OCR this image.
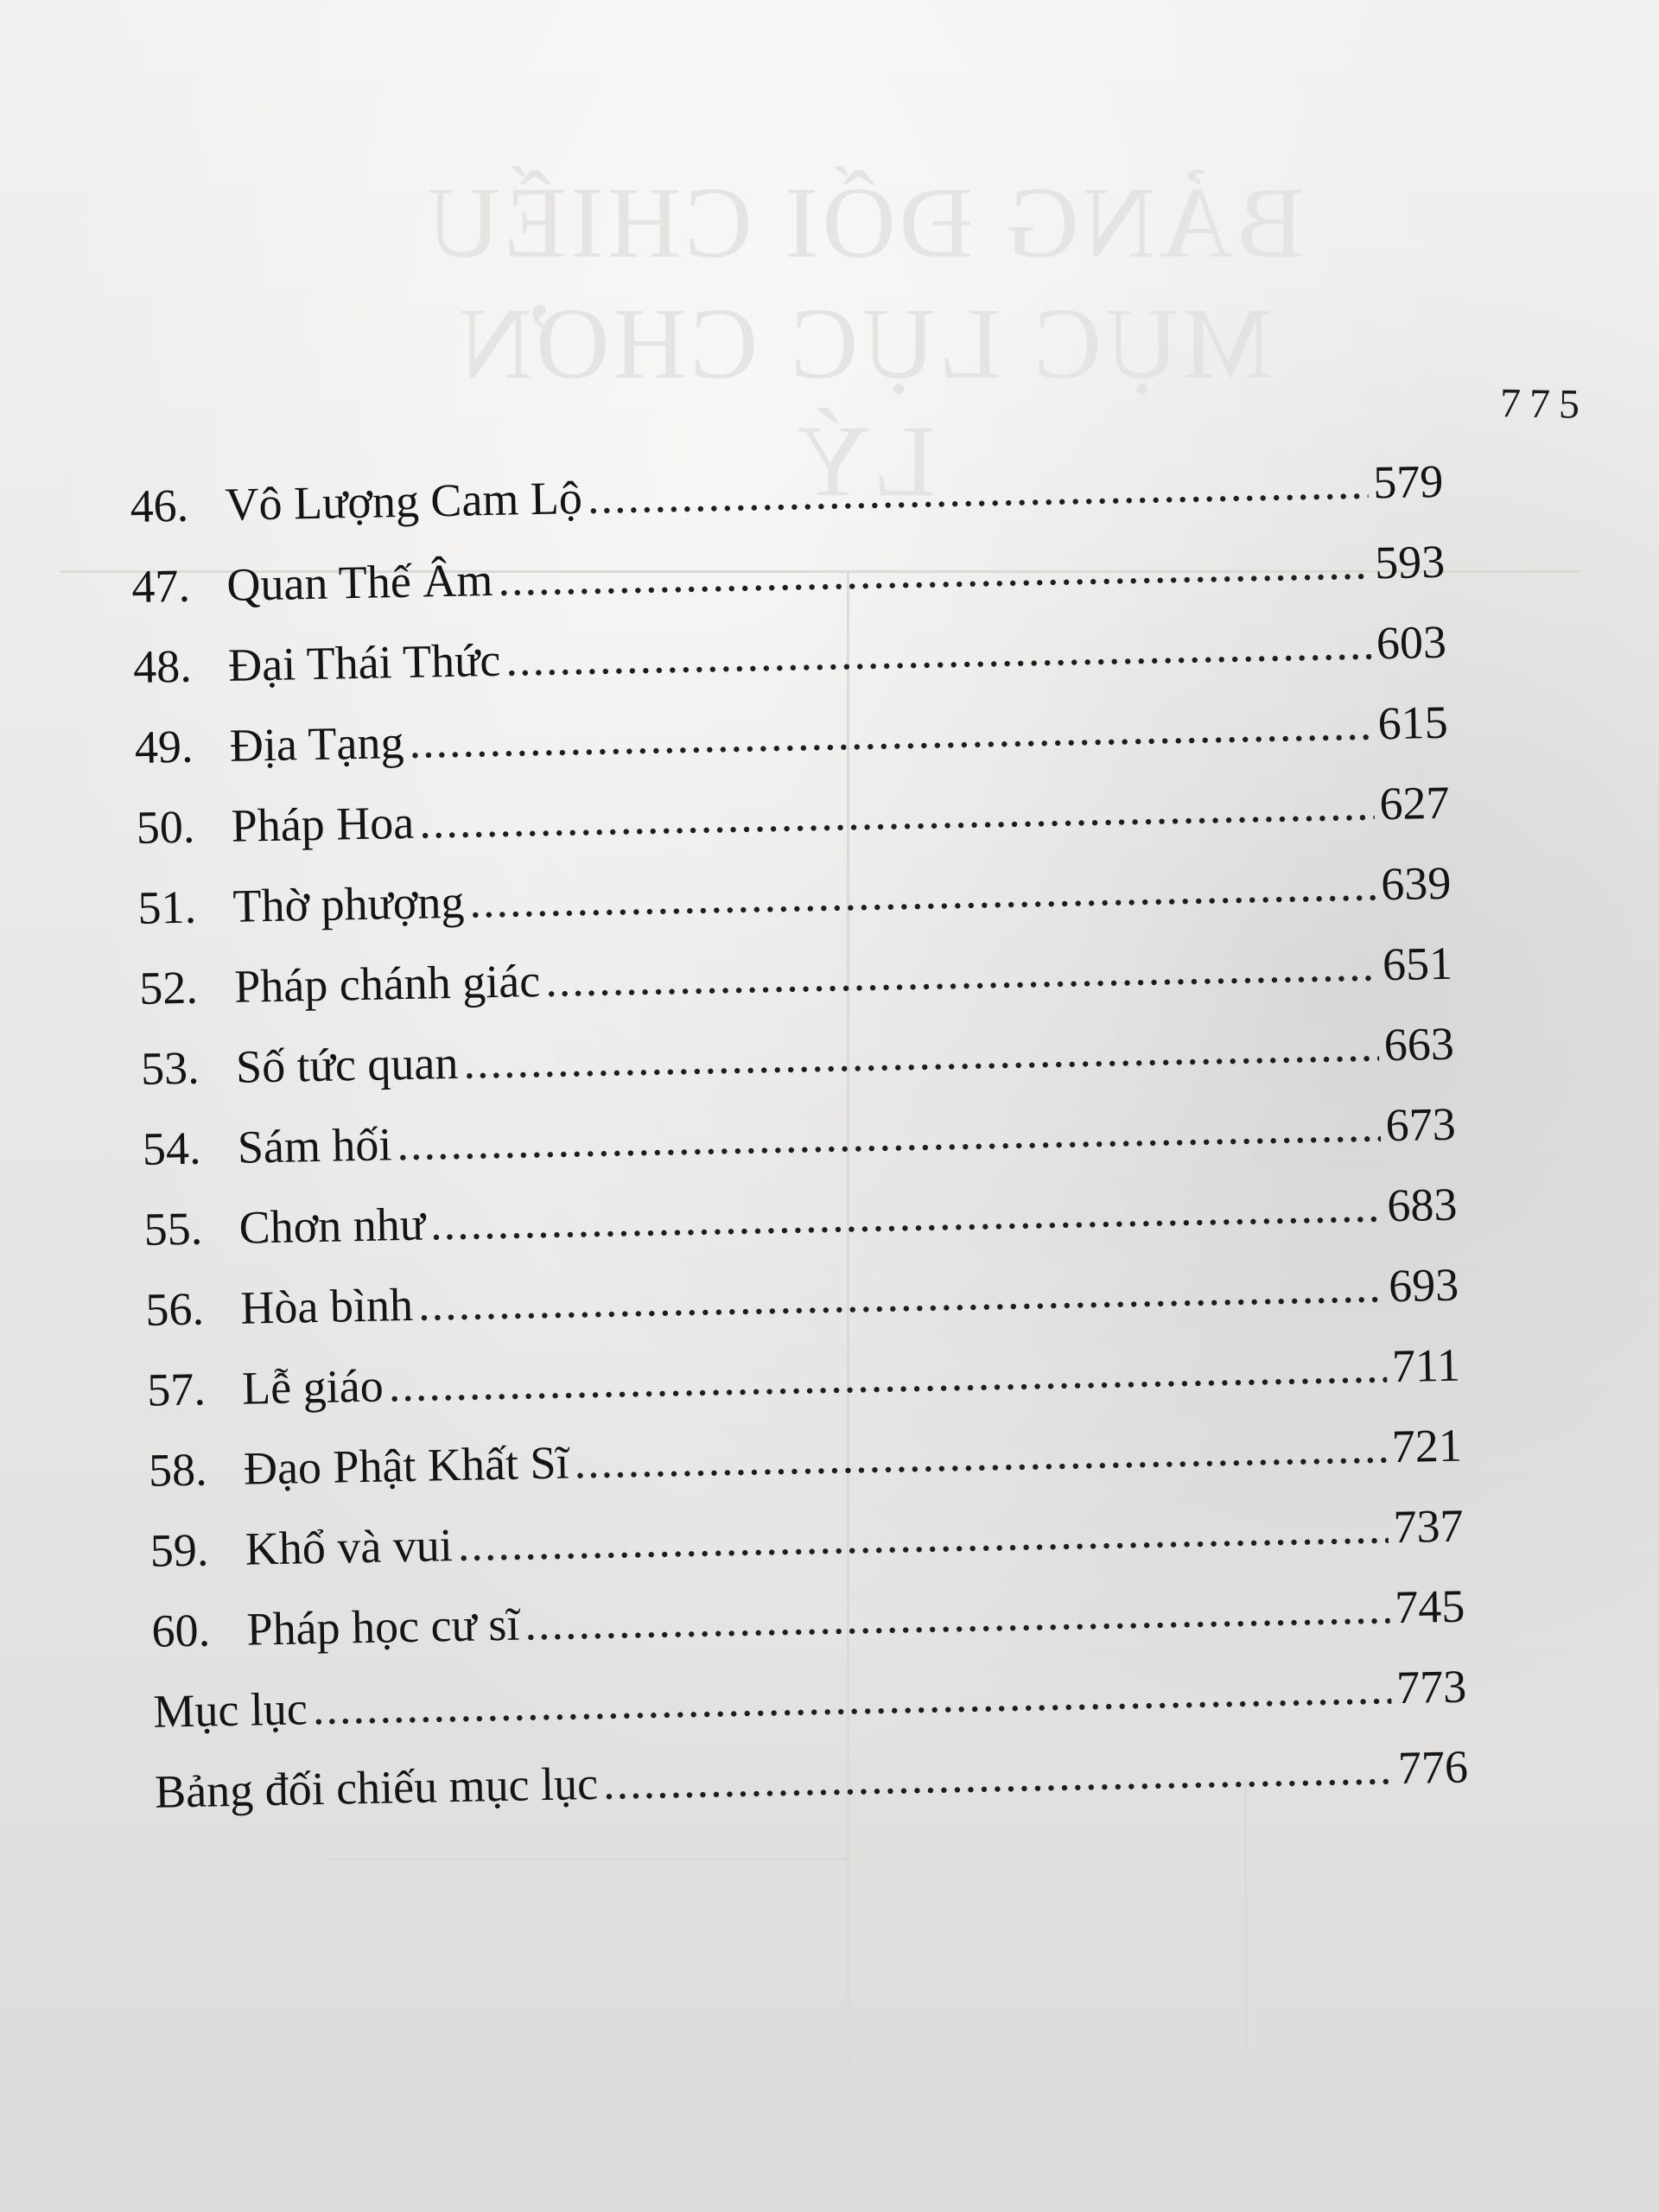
BẢNG ĐỐI CHIẾU
MỤC LỤC CHƠN LÝ
775
46. Vô Lượng Cam Lộ .....	579
47. Quan Thế Âm .....	593
48. Đại Thái Thức .....	603
49. Địa Tạng .....	615
50. Pháp Hoa .....	627
51. Thờ phượng .....	639
52. Pháp chánh giác .....	651
53. Số tức quan .....	663
54. Sám hối .....	673
55. Chơn như .....	683
56. Hòa bình .....	693
57. Lễ giáo .....	711
58. Đạo Phật Khất Sĩ .....	721
59. Khổ và vui .....	737
60. Pháp học cư sĩ .....	745
Mục lục .....	773
Bảng đối chiếu mục lục .....	776
